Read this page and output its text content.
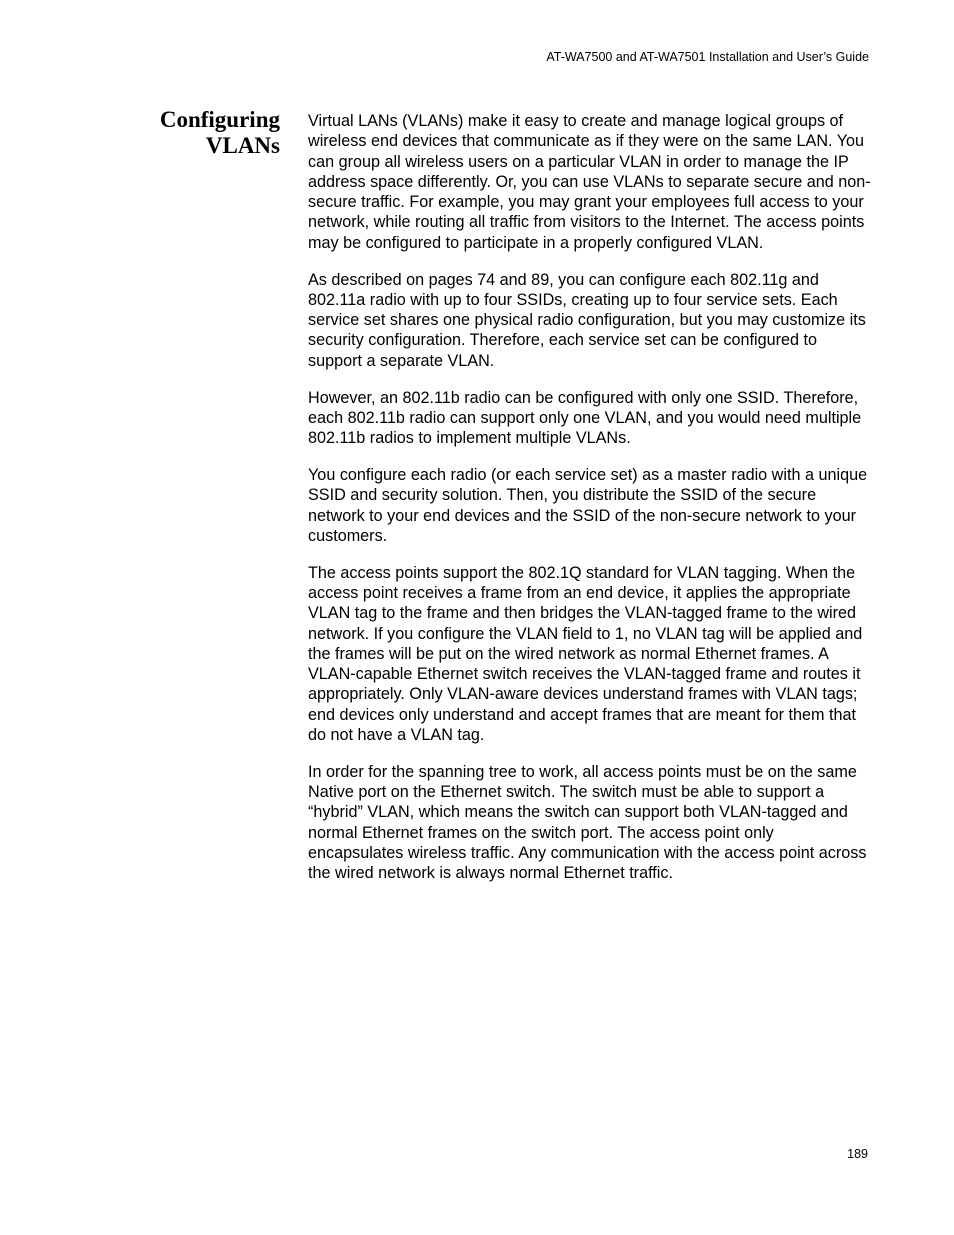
AT-WA7500 and AT-WA7501 Installation and User’s Guide
Configuring
VLANs

Virtual LANs (VLANs) make it easy to create and manage logical groups of wireless end devices that communicate as if they were on the same LAN. You can group all wireless users on a particular VLAN in order to manage the IP address space differently. Or, you can use VLANs to separate secure and non-secure traffic. For example, you may grant your employees full access to your network, while routing all traffic from visitors to the Internet. The access points may be configured to participate in a properly configured VLAN.

As described on pages 74 and 89, you can configure each 802.11g and 802.11a radio with up to four SSIDs, creating up to four service sets. Each service set shares one physical radio configuration, but you may customize its security configuration. Therefore, each service set can be configured to support a separate VLAN.

However, an 802.11b radio can be configured with only one SSID. Therefore, each 802.11b radio can support only one VLAN, and you would need multiple 802.11b radios to implement multiple VLANs.

You configure each radio (or each service set) as a master radio with a unique SSID and security solution. Then, you distribute the SSID of the secure network to your end devices and the SSID of the non-secure network to your customers.

The access points support the 802.1Q standard for VLAN tagging. When the access point receives a frame from an end device, it applies the appropriate VLAN tag to the frame and then bridges the VLAN-tagged frame to the wired network. If you configure the VLAN field to 1, no VLAN tag will be applied and the frames will be put on the wired network as normal Ethernet frames. A VLAN-capable Ethernet switch receives the VLAN-tagged frame and routes it appropriately. Only VLAN-aware devices understand frames with VLAN tags; end devices only understand and accept frames that are meant for them that do not have a VLAN tag.

In order for the spanning tree to work, all access points must be on the same Native port on the Ethernet switch. The switch must be able to support a “hybrid” VLAN, which means the switch can support both VLAN-tagged and normal Ethernet frames on the switch port. The access point only encapsulates wireless traffic. Any communication with the access point across the wired network is always normal Ethernet traffic.

189
